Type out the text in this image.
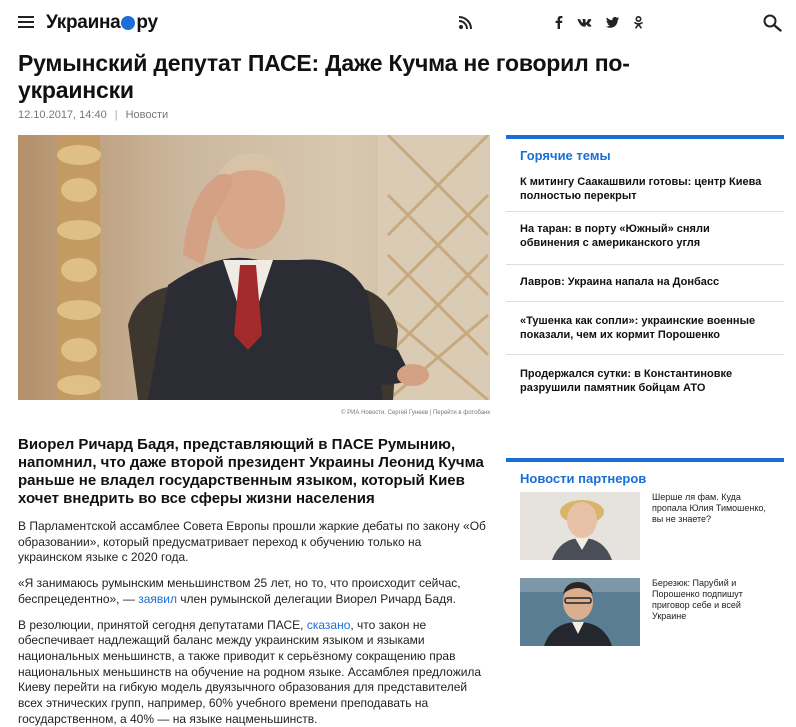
Украина ру
Румынский депутат ПАСЕ: Даже Кучма не говорил по-украински
12.10.2017, 14:40 | Новости
© РИА Новости. Сергей Гунеев | Перейти в фотобанк
Виорел Ричард Бадя, представляющий в ПАСЕ Румынию, напомнил, что даже второй президент Украины Леонид Кучма раньше не владел государственным языком, который Киев хочет внедрить во все сферы жизни населения

В Парламентской ассамблее Совета Европы прошли жаркие дебаты по закону «Об образовании», который предусматривает переход к обучению только на украинском языке с 2020 года.

«Я занимаюсь румынским меньшинством 25 лет, но то, что происходит сейчас, беспрецедентно», — заявил член румынской делегации Виорел Ричард Бадя.

В резолюции, принятой сегодня депутатами ПАСЕ, сказано, что закон не обеспечивает надлежащий баланс между украинским языком и языками национальных меньшинств, а также приводит к серьёзному сокращению прав национальных меньшинств на обучение на родном языке. Ассамблея предложила Киеву перейти на гибкую модель двуязычного образования для представителей всех этнических групп, например, 60% учебного времени преподавать на государственном, а 40% — на языке нацменьшинств.

Горячие темы
К митингу Саакашвили готовы: центр Киева полностью перекрыт
На таран: в порту «Южный» сняли обвинения с американского угля
Лавров: Украина напала на Донбасс
«Тушенка как сопли»: украинские военные показали, чем их кормит Порошенко
Продержался сутки: в Константиновке разрушили памятник бойцам АТО
Новости партнеров
Шерше ля фам. Куда пропала Юлия Тимошенко, вы не знаете?
Березюк: Парубий и Порошенко подпишут приговор себе и всей Украине
